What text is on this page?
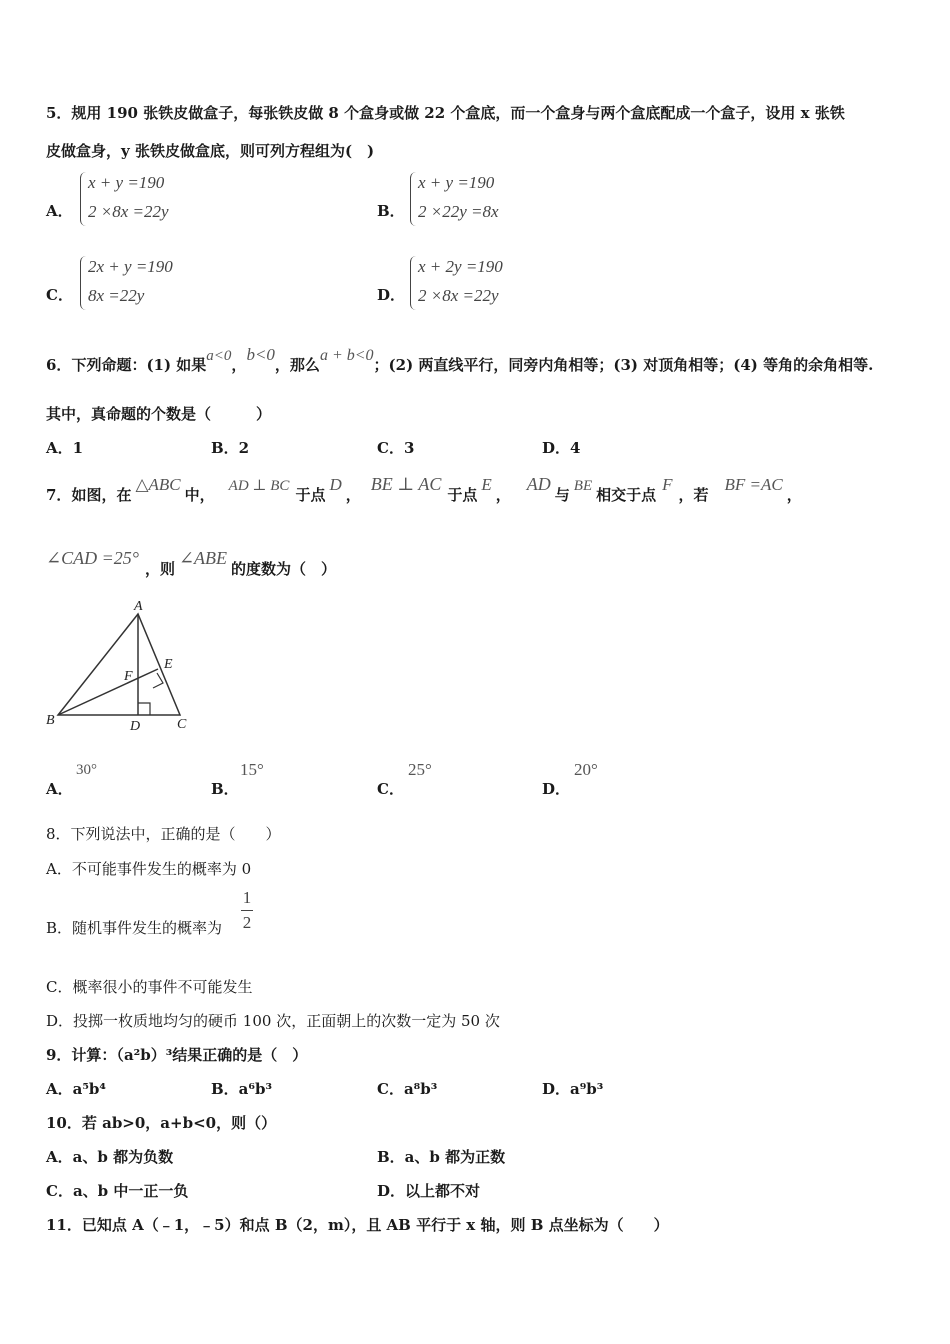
5．规用 190 张铁皮做盒子，每张铁皮做 8 个盒身或做 22 个盒底，而一个盒身与两个盒底配成一个盒子，设用 x 张铁
皮做盒身，y 张铁皮做盒底，则可列方程组为(　)
A．
x + y =190
2 ×8x =22y	B．
x + y =190
2 ×22y =8x
C．
2x + y =190
8x =22y	D．
x + 2y =190
2 ×8x =22y
6．下列命题：(1) 如果a<0，b<0，那么a + b<0；(2) 两直线平行，同旁内角相等；(3) 对顶角相等；(4) 等角的余角相等.
其中，真命题的个数是（　　　）
A．1	B．2	C．3	D．4
7．如图，在△ABC中， AD ⊥ BC 于点D，BE ⊥ AC于点E，AD与 BE 相交于点F，若BF =AC，
∠CAD =25°，则∠ABE的度数为（　）
A
B	C
D
E
F
A．
30°
B．
15°
C．
25°
D．
20°
8．下列说法中，正确的是（　　）
A．不可能事件发生的概率为 0
B．随机事件发生的概率为
1
2
C．概率很小的事件不可能发生
D．投掷一枚质地均匀的硬币 100 次，正面朝上的次数一定为 50 次
9．计算：（a²b）³结果正确的是（　）
A．a⁵b⁴	B．a⁶b³	C．a⁸b³	D．a⁹b³
10．若 ab>0，a+b<0，则（）
A．a、b 都为负数	B．a、b 都为正数
C．a、b 中一正一负	D．以上都不对
11．已知点 A（﹣1，﹣5）和点 B（2，m），且 AB 平行于 x 轴，则 B 点坐标为（　　）
